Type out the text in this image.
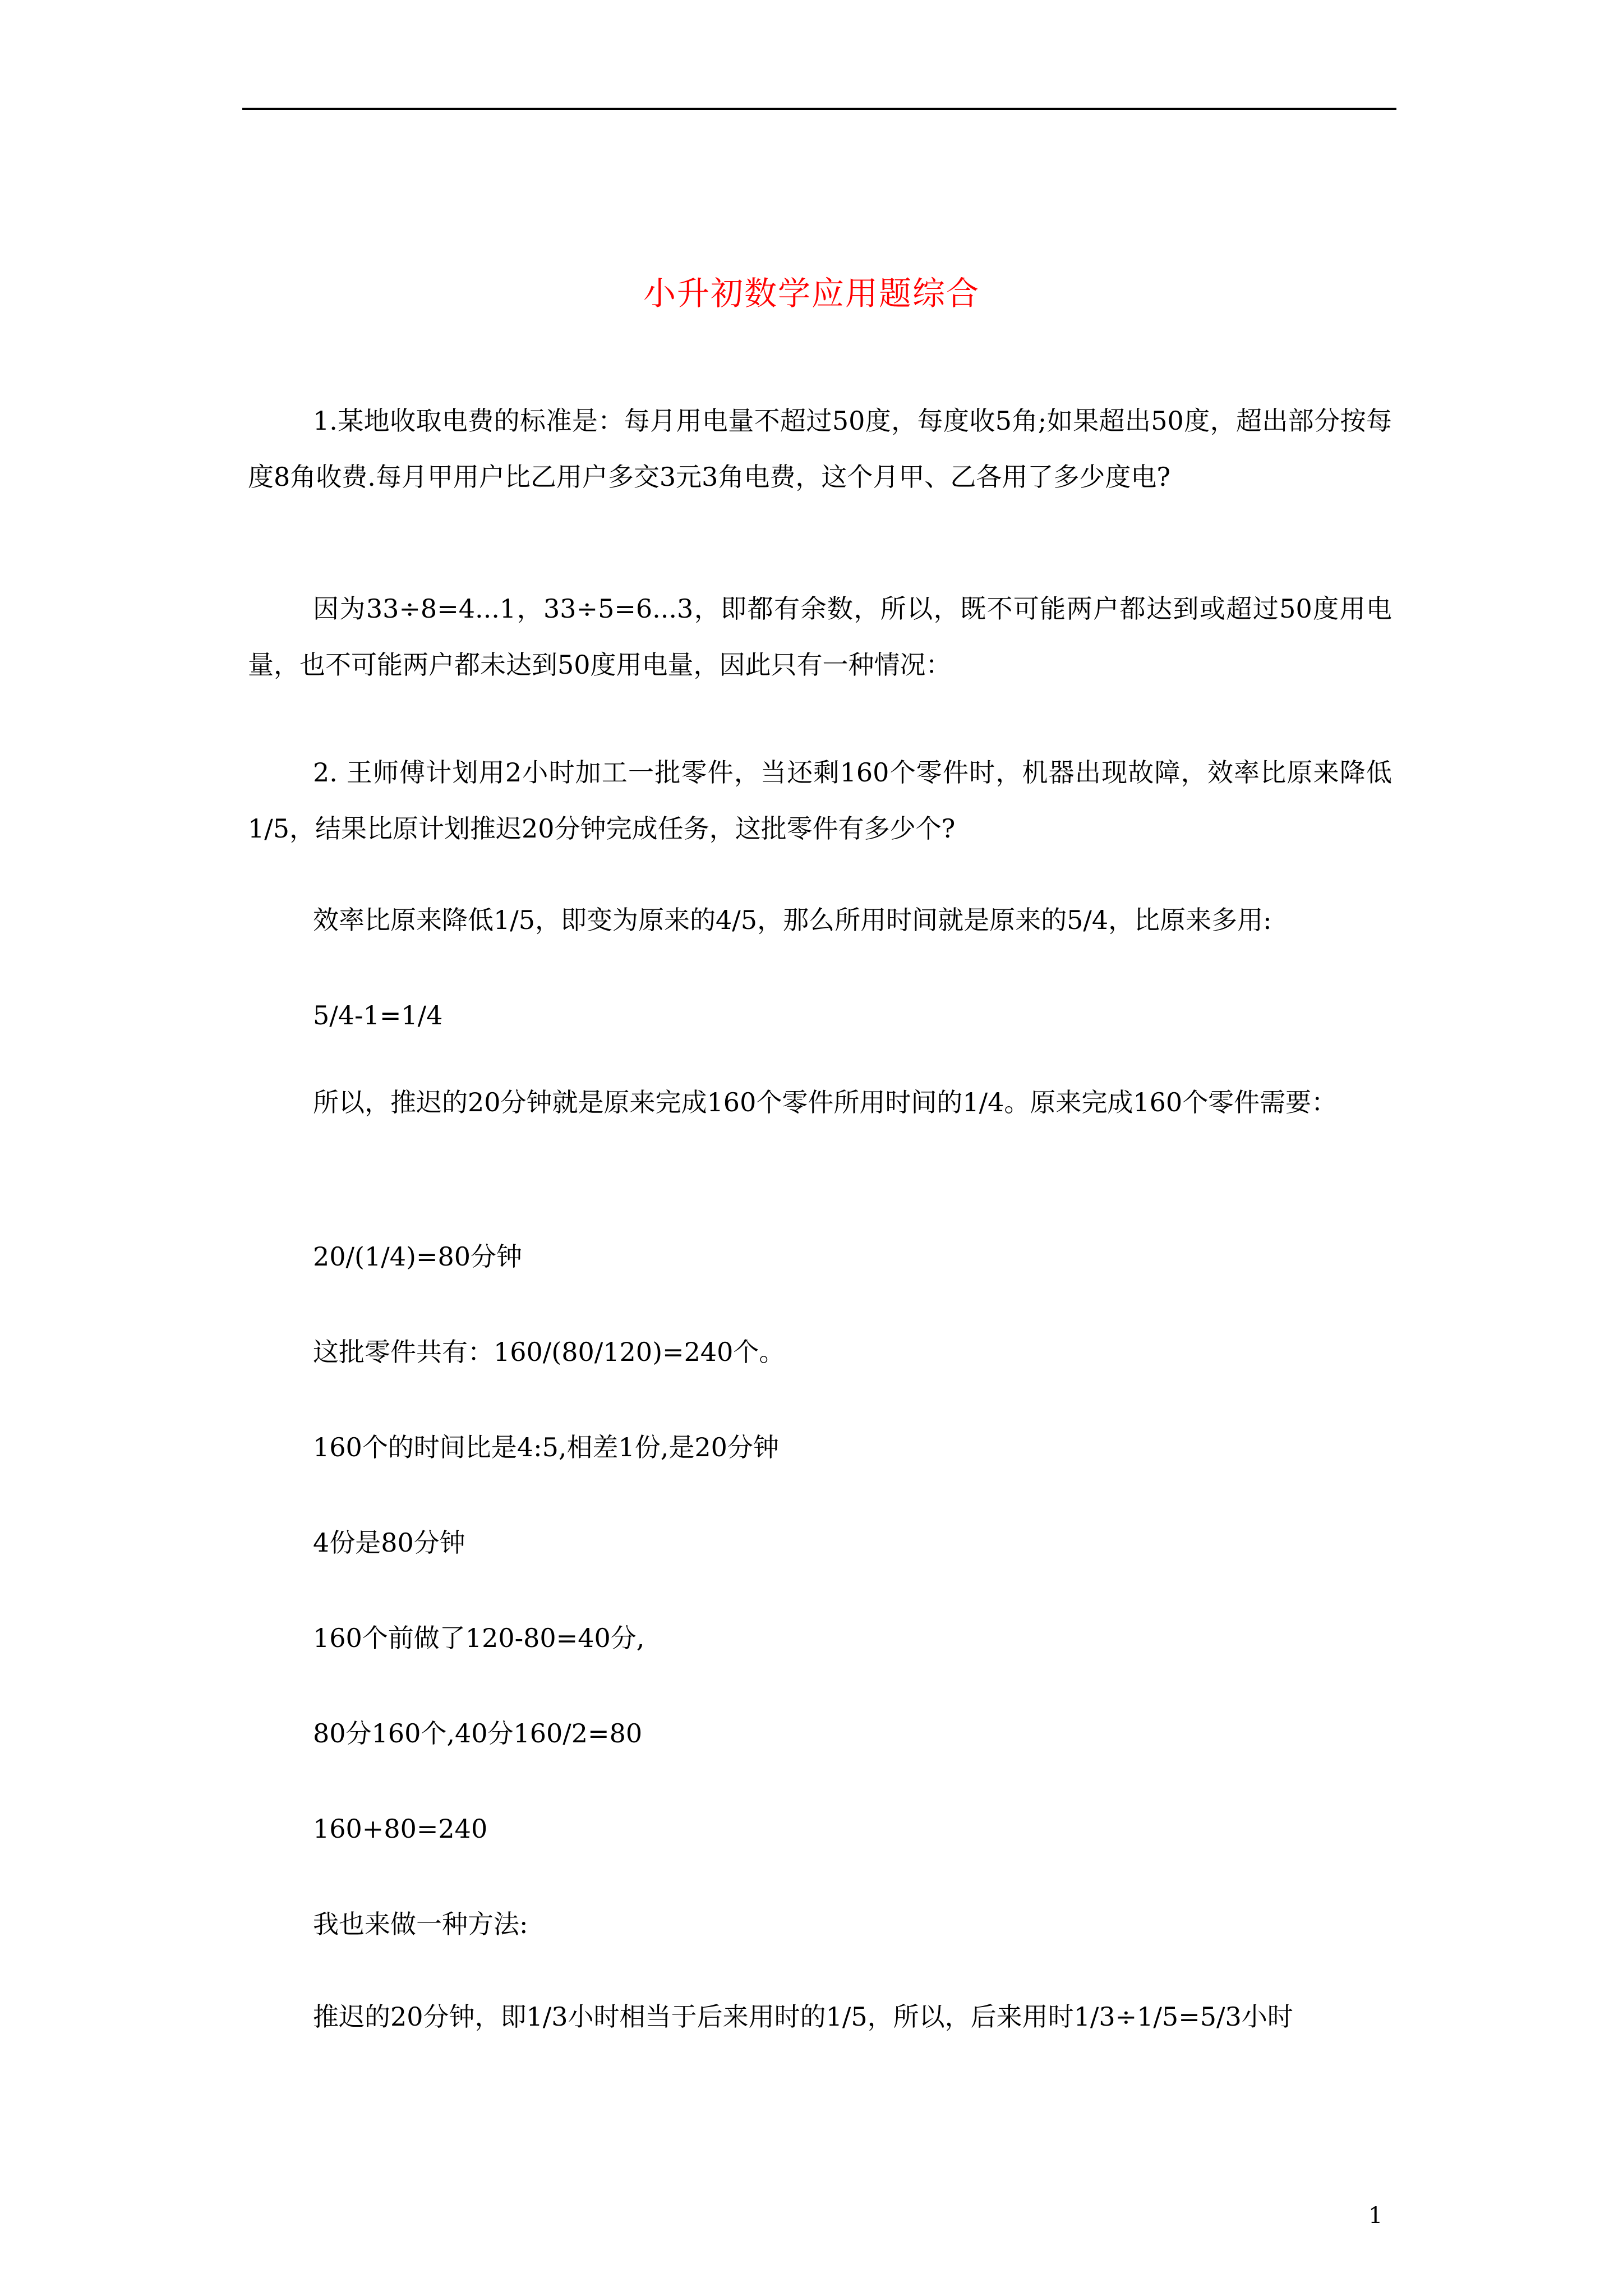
小升初数学应用题综合

1.某地收取电费的标准是：每月用电量不超过50度，每度收5角;如果超出50度，超出部分按每度8角收费.每月甲用户比乙用户多交3元3角电费，这个月甲、乙各用了多少度电?

因为33÷8=4...1，33÷5=6...3，即都有余数，所以，既不可能两户都达到或超过50度用电量，也不可能两户都未达到50度用电量，因此只有一种情况：

2. 王师傅计划用2小时加工一批零件，当还剩160个零件时，机器出现故障，效率比原来降低1/5，结果比原计划推迟20分钟完成任务，这批零件有多少个?

效率比原来降低1/5，即变为原来的4/5，那么所用时间就是原来的5/4，比原来多用:
5/4-1=1/4

所以，推迟的20分钟就是原来完成160个零件所用时间的1/4。原来完成160个零件需要：

20/(1/4)=80分钟
这批零件共有：160/(80/120)=240个。
160个的时间比是4:5,相差1份,是20分钟
4份是80分钟
160个前做了120-80=40分,
80分160个,40分160/2=80
160+80=240
我也来做一种方法:

推迟的20分钟，即1/3小时相当于后来用时的1/5，所以，后来用时1/3÷1/5=5/3小时

1
